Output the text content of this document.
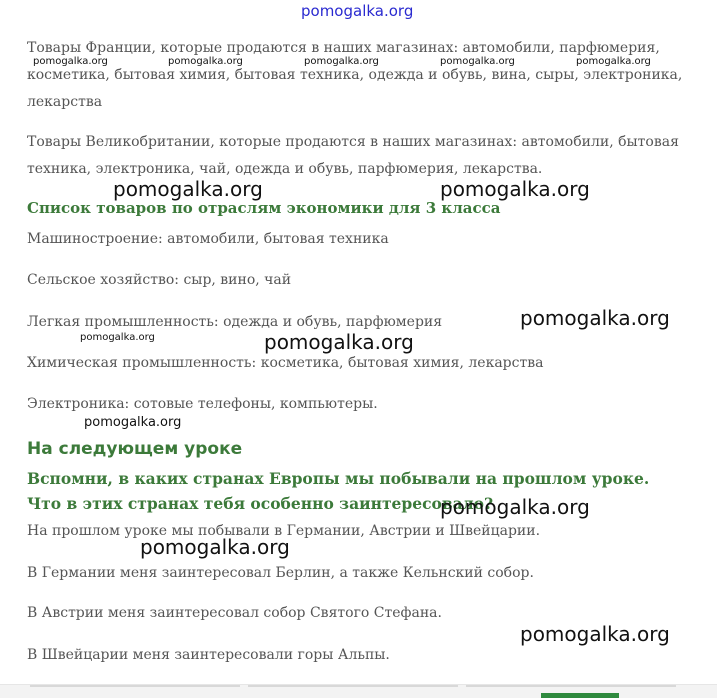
pomogalka.org

Товары Франции, которые продаются в наших магазинах: автомобили, парфюмерия, косметика, бытовая химия, бытовая техника, одежда и обувь, вина, сыры, электроника, лекарства

pomogalka.org	pomogalka.org	pomogalka.org	pomogalka.org	pomogalka.org

Товары Великобритании, которые продаются в наших магазинах: автомобили, бытовая техника, электроника, чай, одежда и обувь, парфюмерия, лекарства.

pomogalka.org	pomogalka.org
Список товаров по отраслям экономики для 3 класса

Машиностроение: автомобили, бытовая техника

Сельское хозяйство: сыр, вино, чай

pomogalka.org

Легкая промышленность: одежда и обувь, парфюмерия

pomogalka.org	pomogalka.org

Химическая промышленность: косметика, бытовая химия, лекарства

Электроника: сотовые телефоны, компьютеры.

pomogalka.org
На следующем уроке
Вспомни, в каких странах Европы мы побывали на прошлом уроке. Что в этих странах тебя особенно заинтересовало?
pomogalka.org

На прошлом уроке мы побывали в Германии, Австрии и Швейцарии.

pomogalka.org

В Германии меня заинтересовал Берлин, а также Кельнский собор.

В Австрии меня заинтересовал собор Святого Стефана.

pomogalka.org

В Швейцарии меня заинтересовали горы Альпы.
